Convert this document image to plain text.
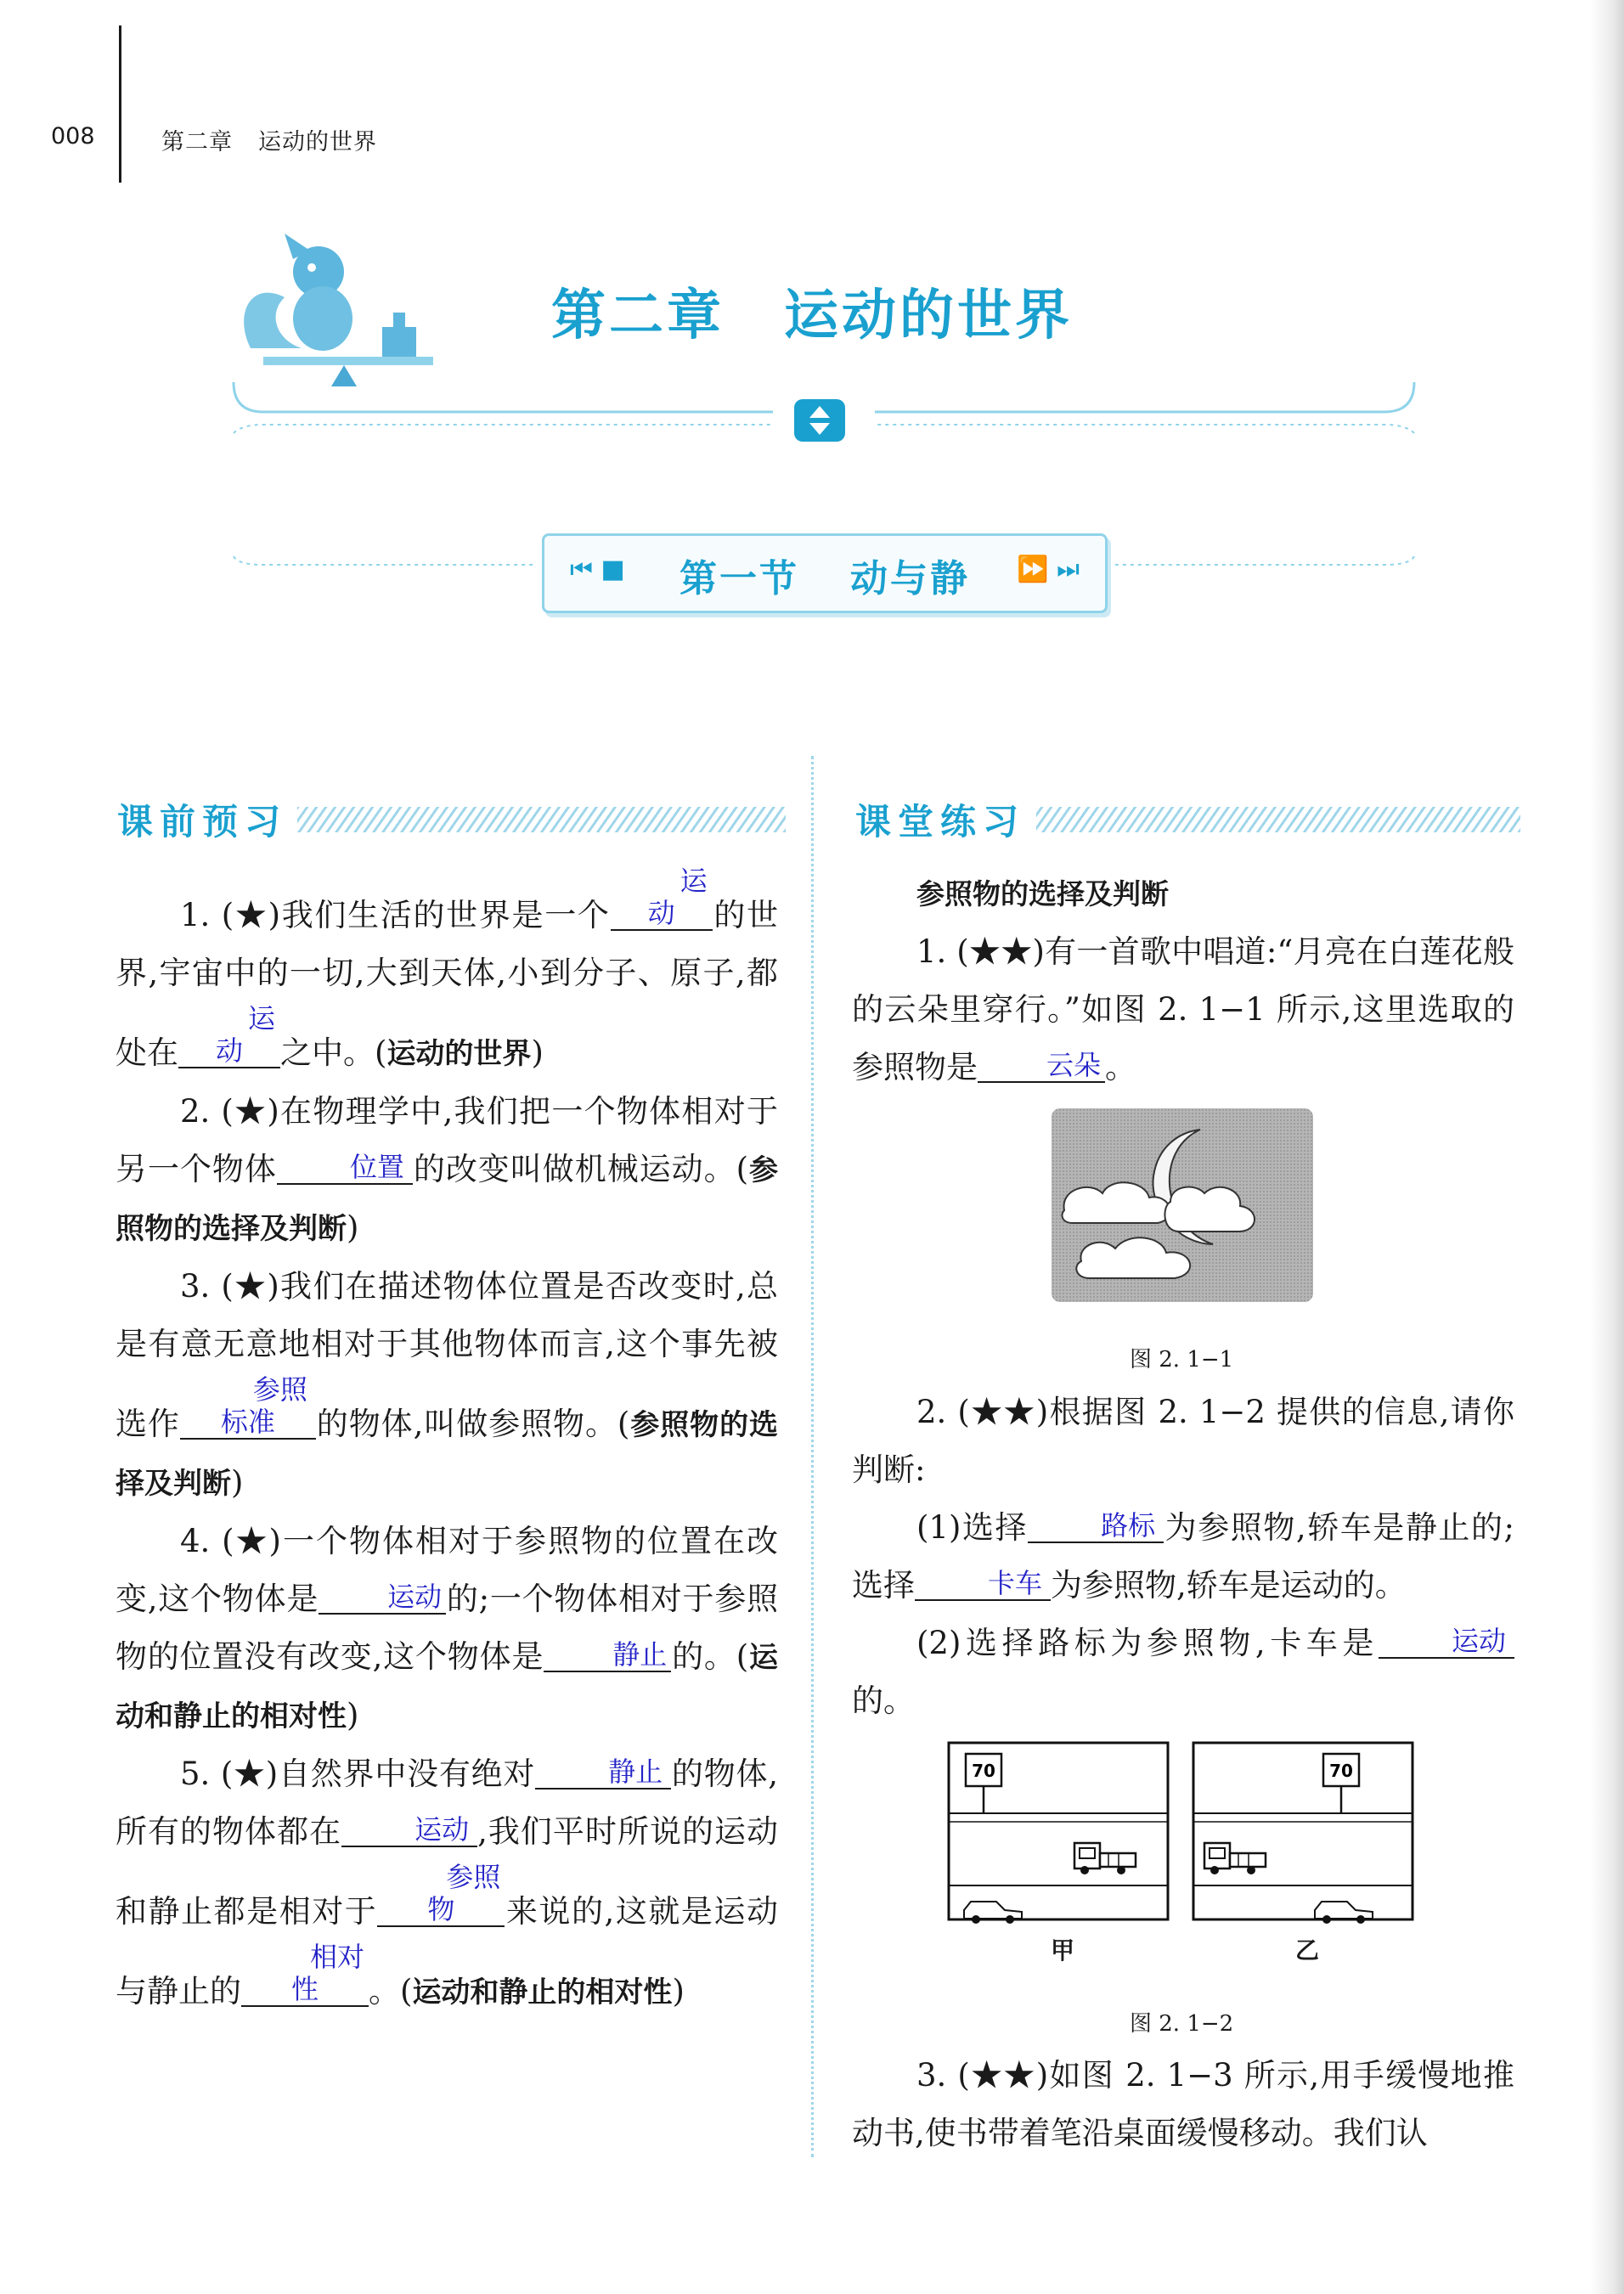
008	第二章 运动的世界
第二章 运动的世界
⏮ ■	第一节 动与静	⏩ ⏭
课前预习

1. (★)我们生活的世界是一个运动 的世界,宇宙中的一切,大到天体,小到分子、原子,都处在运动 之中。(运动的世界)

2. (★)在物理学中,我们把一个物体相对于另一个物体	位置 的改变叫做机械运动。(参照物的选择及判断)

3. (★)我们在描述物体位置是否改变时,总是有意无意地相对于其他物体而言,这个事先被选作参照标准 的物体,叫做参照物。(参照物的选择及判断)

4. (★)一个物体相对于参照物的位置在改变,这个物体是	运动 的;一个物体相对于参照物的位置没有改变,这个物体是	静止 的。(运动和静止的相对性)

5. (★)自然界中没有绝对	静止 的物体,所有的物体都在	运动 ,我们平时所说的运动和静止都是相对于参照物 来说的,这就是运动与静止的相对性 。(运动和静止的相对性)

课堂练习

参照物的选择及判断

1. (★★)有一首歌中唱道:“月亮在白莲花般的云朵里穿行。”如图 2. 1−1 所示,这里选取的参照物是	云朵 。

图 2. 1−1

2. (★★)根据图 2. 1−2 提供的信息,请你判断:

(1)选择	路标 为参照物,轿车是静止的;选择	卡车 为参照物,轿车是运动的。

(2)选择路标为参照物,卡车是	运动的。

70	70
甲	乙
图 2. 1−2

3. (★★)如图 2. 1−3 所示,用手缓慢地推动书,使书带着笔沿桌面缓慢移动。我们认
